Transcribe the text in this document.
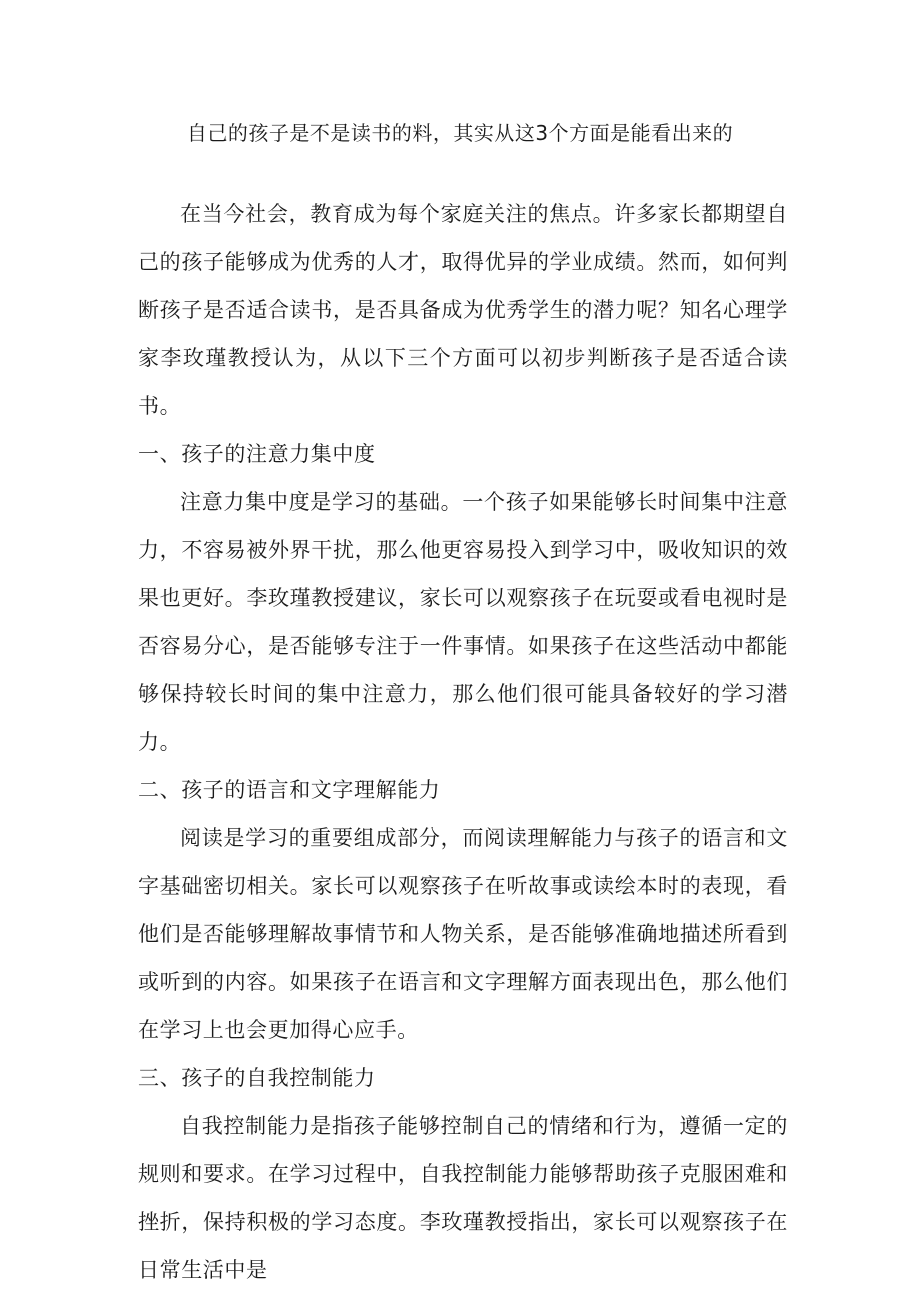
自己的孩子是不是读书的料，其实从这3个方面是能看出来的

在当今社会，教育成为每个家庭关注的焦点。许多家长都期望自己的孩子能够成为优秀的人才，取得优异的学业成绩。然而，如何判断孩子是否适合读书，是否具备成为优秀学生的潜力呢？知名心理学家李玫瑾教授认为，从以下三个方面可以初步判断孩子是否适合读书。

一、孩子的注意力集中度

注意力集中度是学习的基础。一个孩子如果能够长时间集中注意力，不容易被外界干扰，那么他更容易投入到学习中，吸收知识的效果也更好。李玫瑾教授建议，家长可以观察孩子在玩耍或看电视时是否容易分心，是否能够专注于一件事情。如果孩子在这些活动中都能够保持较长时间的集中注意力，那么他们很可能具备较好的学习潜力。

二、孩子的语言和文字理解能力

阅读是学习的重要组成部分，而阅读理解能力与孩子的语言和文字基础密切相关。家长可以观察孩子在听故事或读绘本时的表现，看他们是否能够理解故事情节和人物关系，是否能够准确地描述所看到或听到的内容。如果孩子在语言和文字理解方面表现出色，那么他们在学习上也会更加得心应手。

三、孩子的自我控制能力

自我控制能力是指孩子能够控制自己的情绪和行为，遵循一定的规则和要求。在学习过程中，自我控制能力能够帮助孩子克服困难和挫折，保持积极的学习态度。李玫瑾教授指出，家长可以观察孩子在日常生活中是
